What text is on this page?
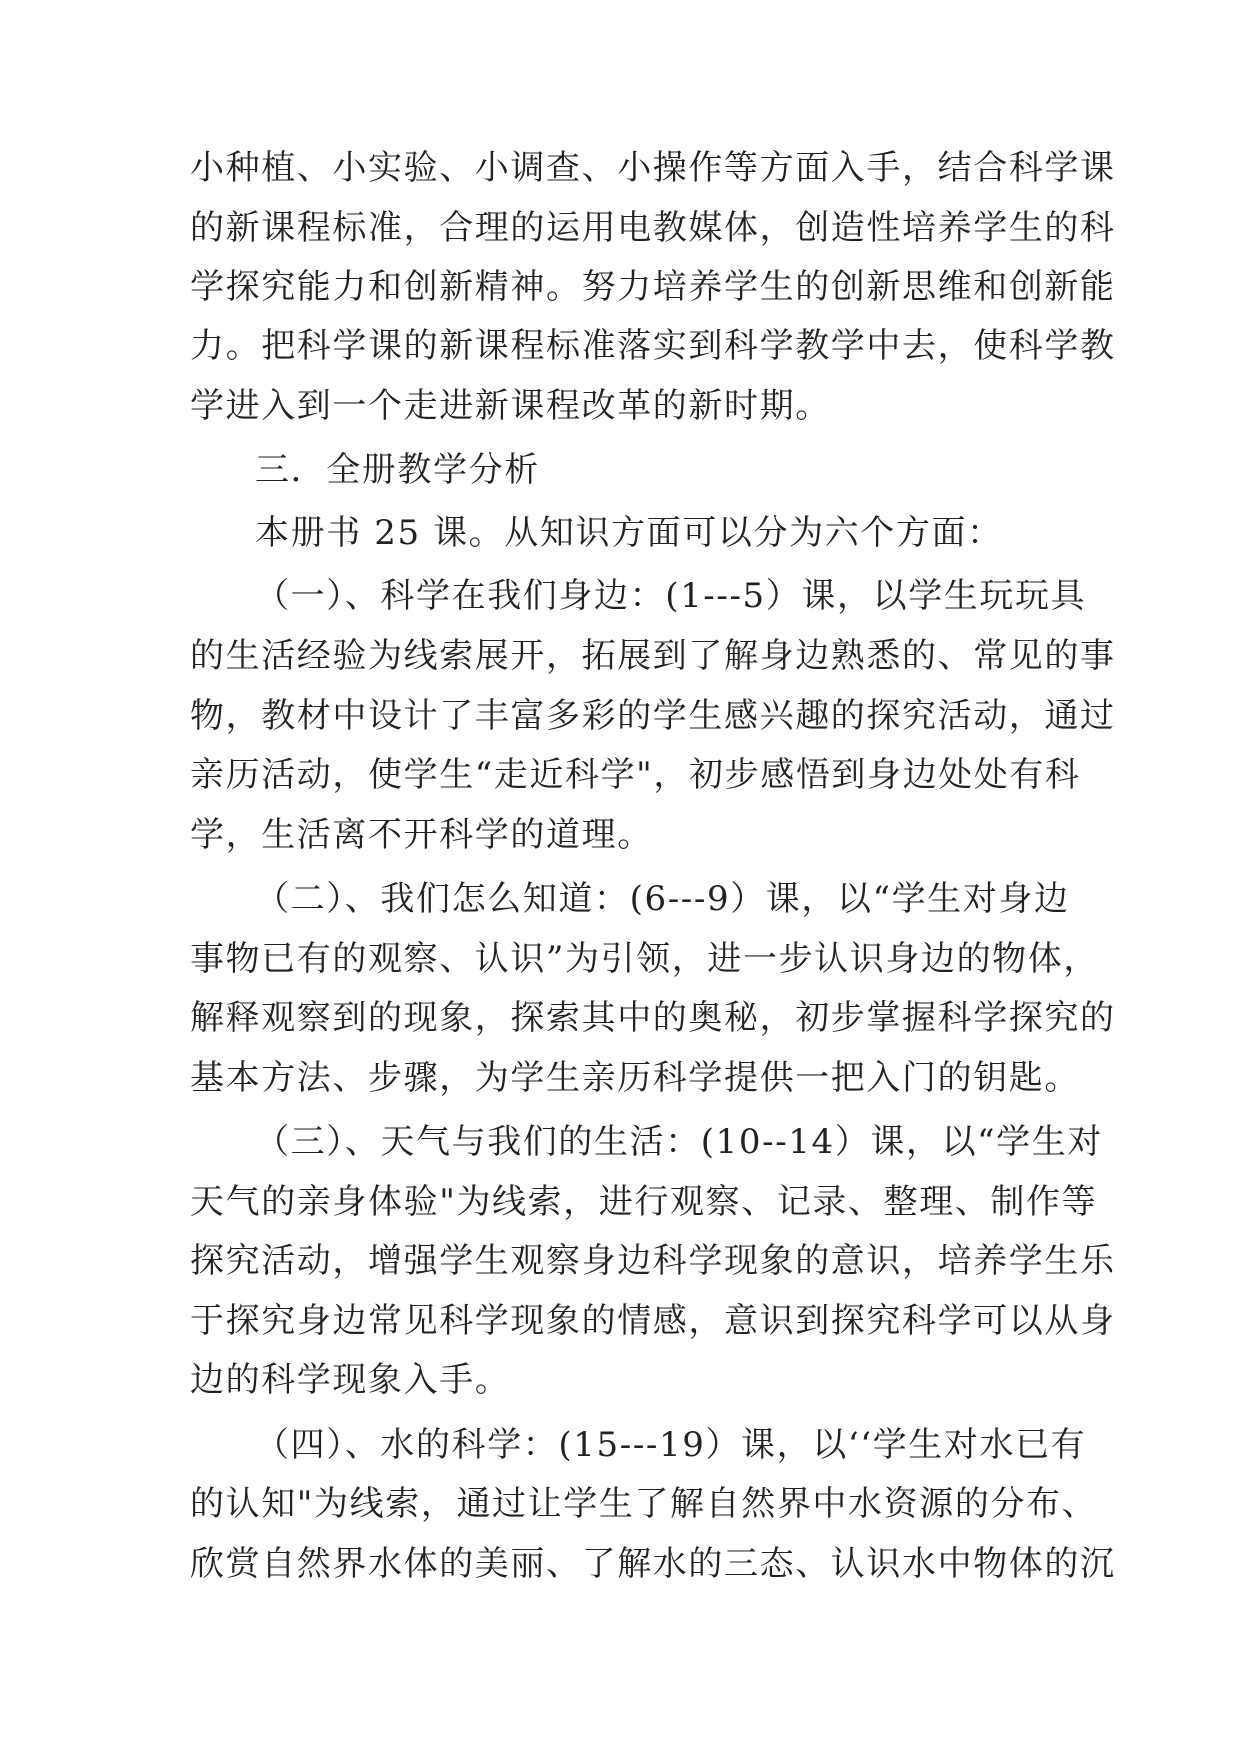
小种植、小实验、小调查、小操作等方面入手，结合科学课
的新课程标准，合理的运用电教媒体，创造性培养学生的科
学探究能力和创新精神。努力培养学生的创新思维和创新能
力。把科学课的新课程标准落实到科学教学中去，使科学教
学进入到一个走进新课程改革的新时期。
三．全册教学分析
本册书 25 课。从知识方面可以分为六个方面：
（一）、科学在我们身边：(1---5）课，以学生玩玩具
的生活经验为线索展开，拓展到了解身边熟悉的、常见的事
物，教材中设计了丰富多彩的学生感兴趣的探究活动，通过
亲历活动，使学生“走近科学"，初步感悟到身边处处有科
学，生活离不开科学的道理。
（二）、我们怎么知道：(6---9）课，以“学生对身边
事物已有的观察、认识”为引领，进一步认识身边的物体，
解释观察到的现象，探索其中的奥秘，初步掌握科学探究的
基本方法、步骤，为学生亲历科学提供一把入门的钥匙。
（三）、天气与我们的生活：(10--14）课，以“学生对
天气的亲身体验"为线索，进行观察、记录、整理、制作等
探究活动，增强学生观察身边科学现象的意识，培养学生乐
于探究身边常见科学现象的情感，意识到探究科学可以从身
边的科学现象入手。
（四）、水的科学：(15---19）课，以‘‘学生对水已有
的认知"为线索，通过让学生了解自然界中水资源的分布、
欣赏自然界水体的美丽、了解水的三态、认识水中物体的沉
